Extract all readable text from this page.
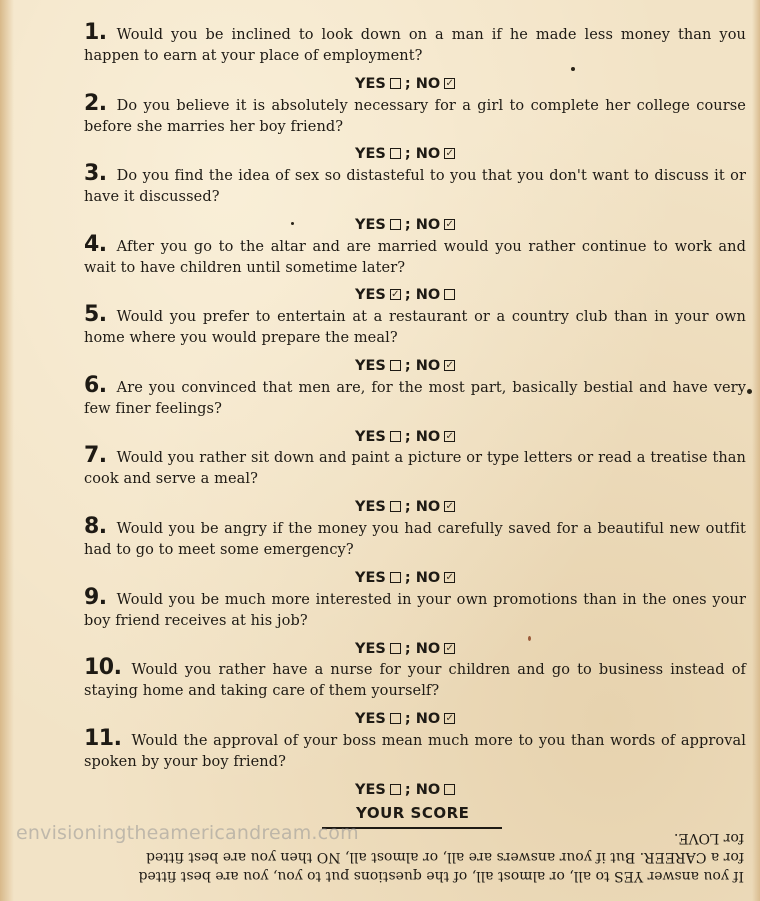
1. Would you be inclined to look down on a man if he made less money than you happen to earn at your place of employment?

YES ; NO ✓

2. Do you believe it is absolutely necessary for a girl to complete her college course before she marries her boy friend?

YES ; NO ✓

3. Do you find the idea of sex so distasteful to you that you don't want to discuss it or have it discussed?

YES ; NO ✓

4. After you go to the altar and are married would you rather continue to work and wait to have children until sometime later?

YES ✓ ; NO

5. Would you prefer to entertain at a restaurant or a country club than in your own home where you would prepare the meal?

YES ; NO ✓

6. Are you convinced that men are, for the most part, basically bestial and have very few finer feelings?

YES ; NO ✓

7. Would you rather sit down and paint a picture or type letters or read a treatise than cook and serve a meal?

YES ; NO ✓

8. Would you be angry if the money you had carefully saved for a beautiful new outfit had to go to meet some emergency?

YES ; NO ✓

9. Would you be much more interested in your own promotions than in the ones your boy friend receives at his job?

YES ; NO ✓

10. Would you rather have a nurse for your children and go to business instead of staying home and taking care of them yourself?

YES ; NO ✓

11. Would the approval of your boss mean much more to you than words of approval spoken by your boy friend?

YES ; NO
YOUR SCORE
envisioningtheamericandream.com
If you answer YES to all, or almost all, of the questions put to you, you are best fitted
for a CAREER. But if your answers are all, or almost all, NO then you are best fitted
for LOVE.
